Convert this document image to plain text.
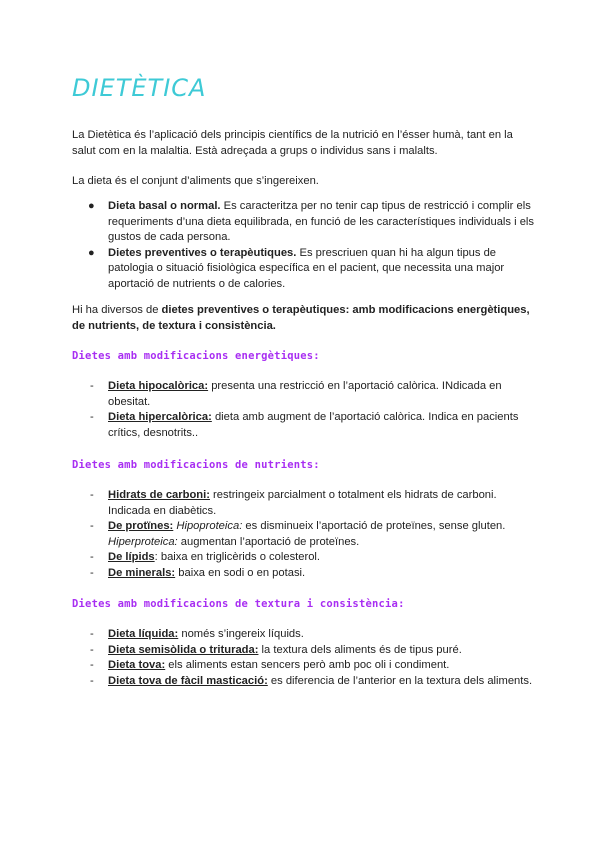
DIETÈTICA

La Dietètica és l’aplicació dels principis científics de la nutrició en l’ésser humà, tant en la salut com en la malaltia. Està adreçada a grups o individus sans i malalts.

La dieta és el conjunt d’aliments que s’ingereixen.

● Dieta basal o normal. Es caracteritza per no tenir cap tipus de restricció i complir els requeriments d’una dieta equilibrada, en funció de les característiques individuals i els gustos de cada persona.
● Dietes preventives o terapèutiques. Es prescriuen quan hi ha algun tipus de patologia o situació fisiològica específica en el pacient, que necessita una major aportació de nutrients o de calories.

Hi ha diversos de dietes preventives o terapèutiques: amb modificacions energètiques, de nutrients, de textura i consistència.

Dietes amb modificacions energètiques:
- Dieta hipocalòrica: presenta una restricció en l’aportació calòrica. INdicada en obesitat.
- Dieta hipercalòrica: dieta amb augment de l’aportació calòrica. Indica en pacients crítics, desnotrits..
Dietes amb modificacions de nutrients:
- Hidrats de carboni: restringeix parcialment o totalment els hidrats de carboni. Indicada en diabètics.
- De protïnes: Hipoproteica: es disminueix l’aportació de proteïnes, sense gluten.
Hiperproteica: augmentan l’aportació de proteïnes.
- De lípids: baixa en triglicèrids o colesterol.
- De minerals: baixa en sodi o en potasi.
Dietes amb modificacions de textura i consistència:
- Dieta líquida: només s’ingereix líquids.
- Dieta semisòlida o triturada: la textura dels aliments és de tipus puré.
- Dieta tova: els aliments estan sencers però amb poc oli i condiment.
- Dieta tova de fàcil masticació: es diferencia de l’anterior en la textura dels aliments.
